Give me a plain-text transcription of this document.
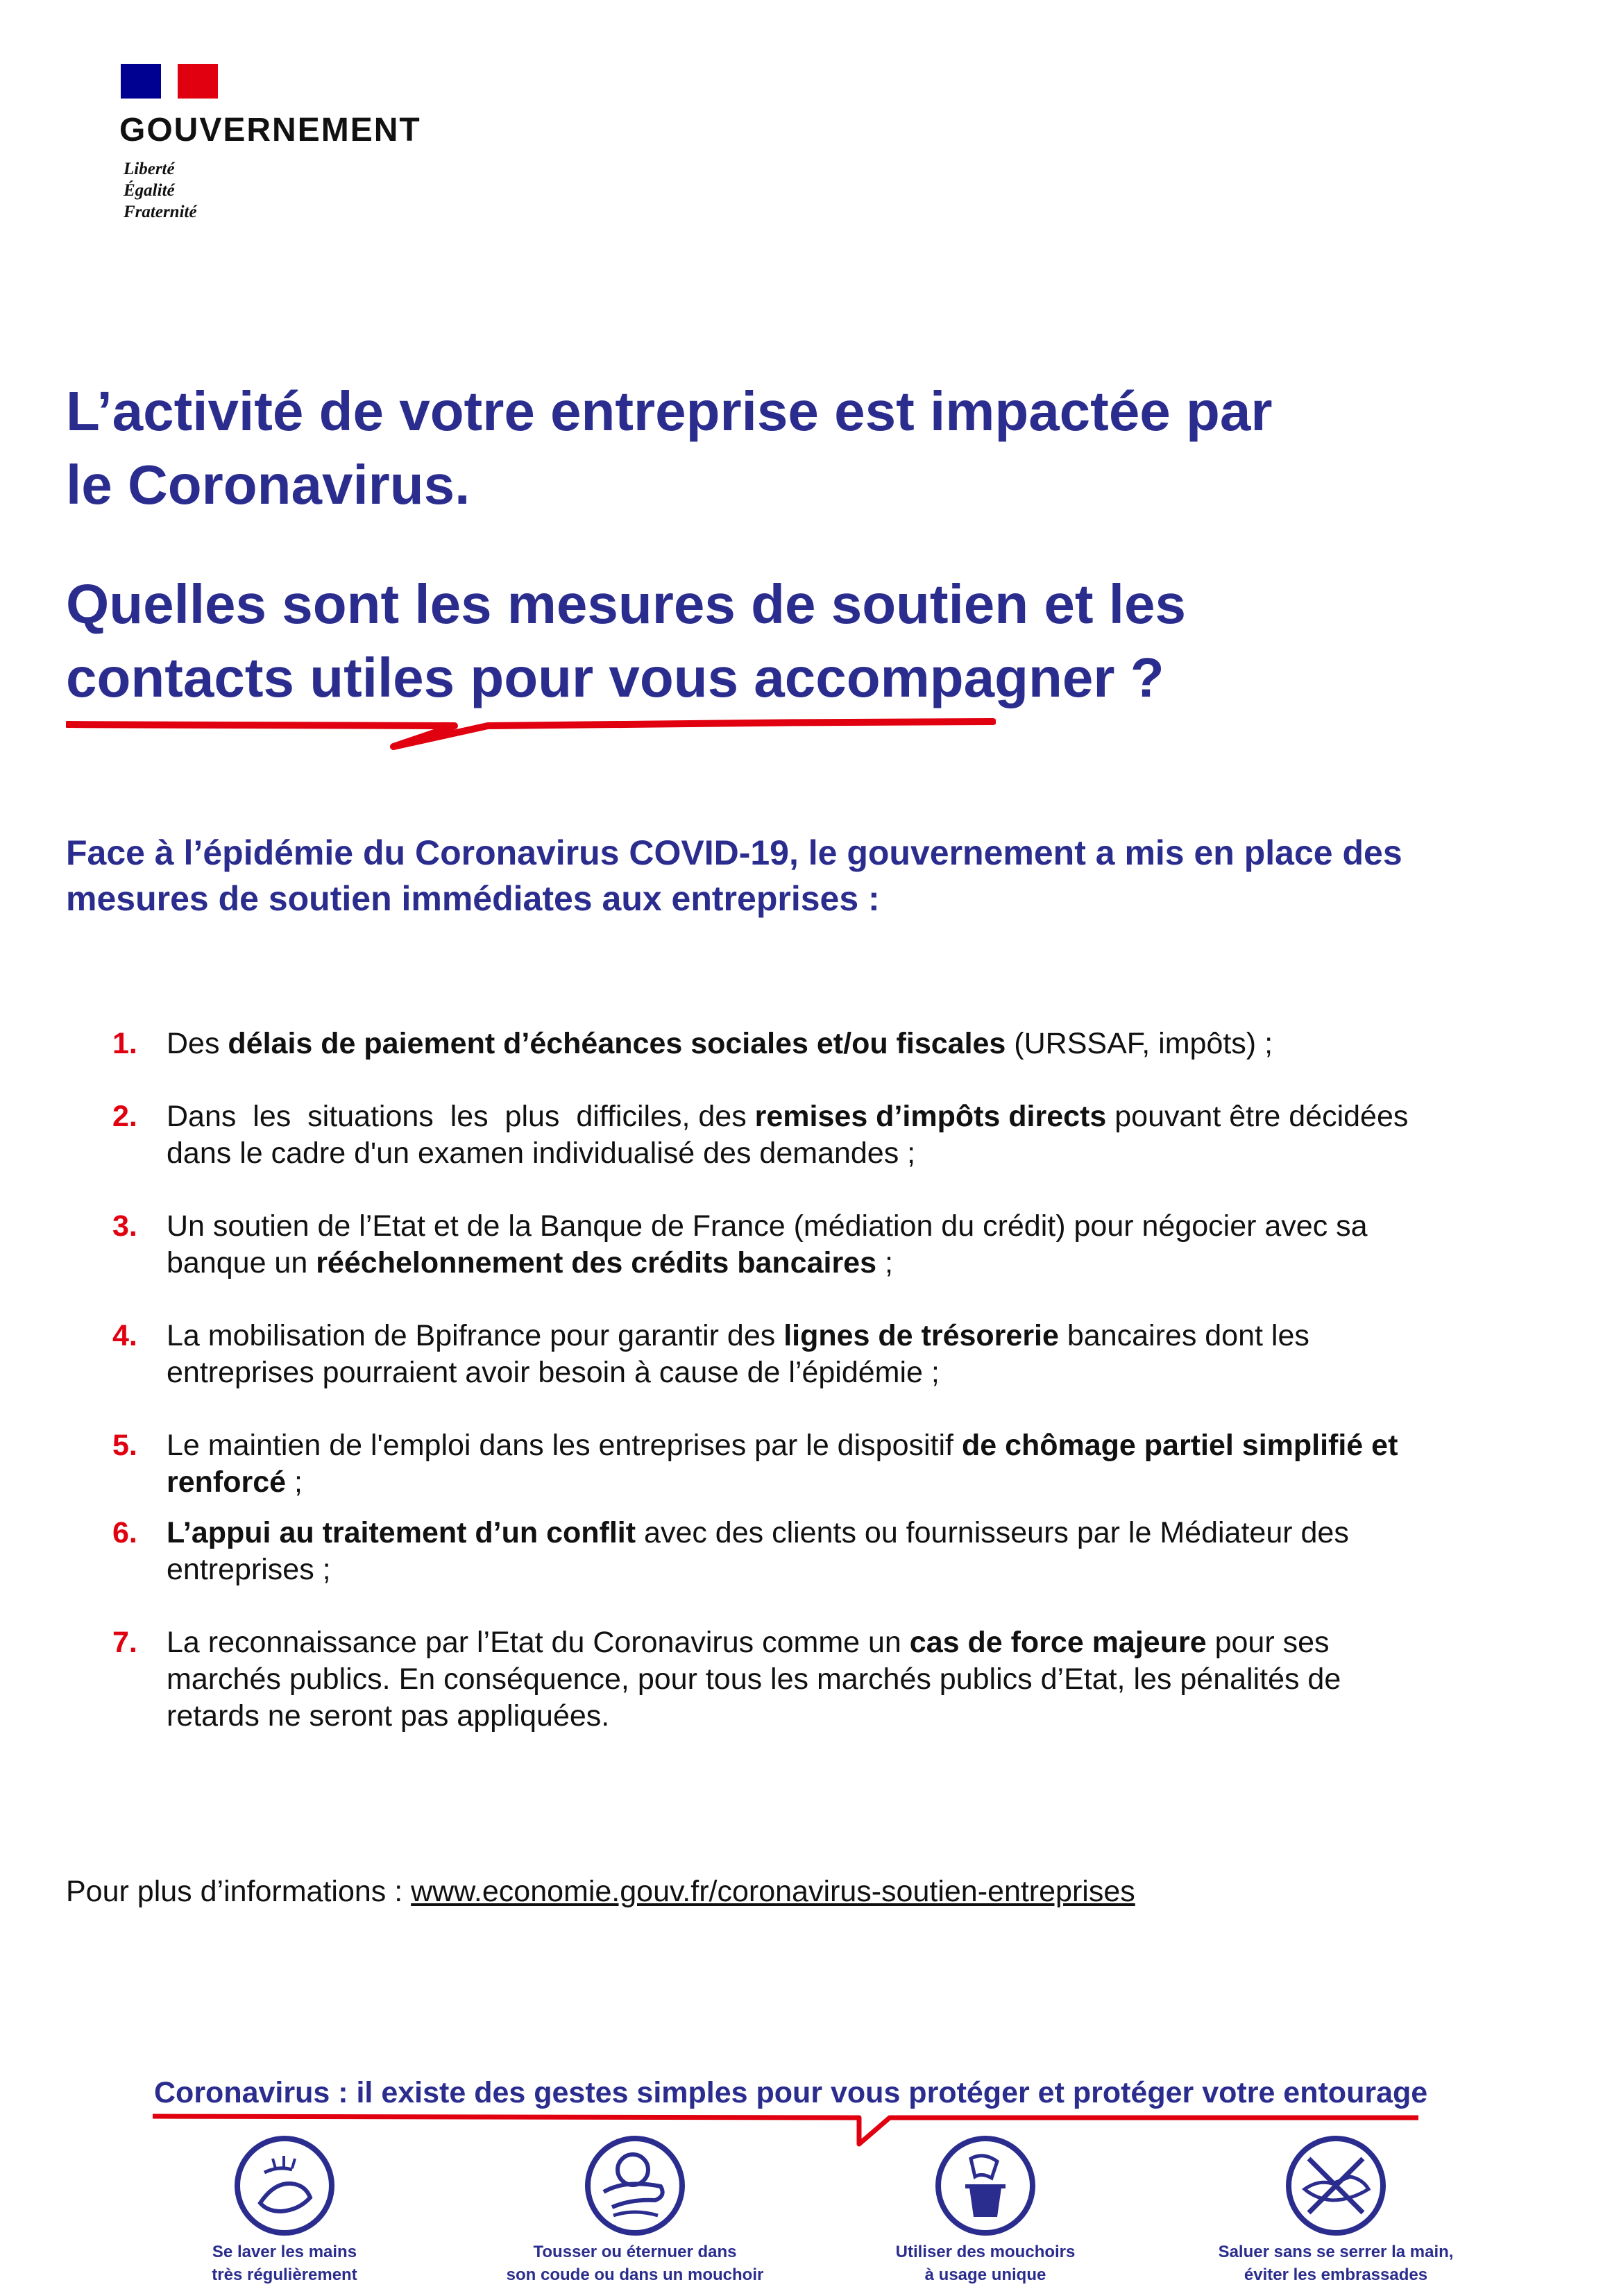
GOUVERNEMENT
Liberté
Égalité
Fraternité
L’activité de votre entreprise est impactée par
le Coronavirus.
Quelles sont les mesures de soutien et les
contacts utiles pour vous accompagner ?

Face à l’épidémie du Coronavirus COVID-19, le gouvernement a mis en place des
mesures de soutien immédiates aux entreprises :

1. Des délais de paiement d’échéances sociales et/ou fiscales (URSSAF, impôts) ;
2. Dans  les  situations  les  plus  difficiles, des remises d’impôts directs pouvant être décidées
dans le cadre d'un examen individualisé des demandes ;
3. Un soutien de l’Etat et de la Banque de France (médiation du crédit) pour négocier avec sa
banque un rééchelonnement des crédits bancaires ;
4. La mobilisation de Bpifrance pour garantir des lignes de trésorerie bancaires dont les
entreprises pourraient avoir besoin à cause de l’épidémie ;
5. Le maintien de l'emploi dans les entreprises par le dispositif de chômage partiel simplifié et
renforcé ;
6. L’appui au traitement d’un conflit avec des clients ou fournisseurs par le Médiateur des
entreprises ;
7. La reconnaissance par l’Etat du Coronavirus comme un cas de force majeure pour ses
marchés publics. En conséquence, pour tous les marchés publics d’Etat, les pénalités de
retards ne seront pas appliquées.
Pour plus d’informations : www.economie.gouv.fr/coronavirus-soutien-entreprises
Coronavirus : il existe des gestes simples pour vous protéger et protéger votre entourage
Se laver les mains
très régulièrement
Tousser ou éternuer dans
son coude ou dans un mouchoir
Utiliser des mouchoirs
à usage unique
Saluer sans se serrer la main,
éviter les embrassades
